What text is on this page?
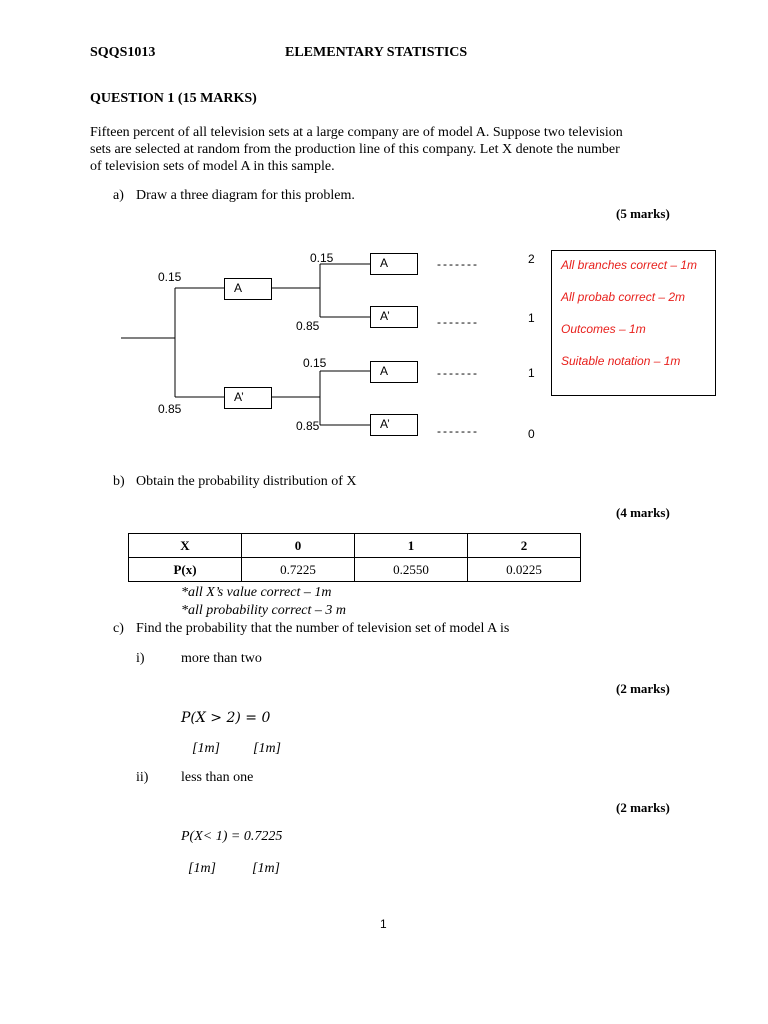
SQQS1013	ELEMENTARY STATISTICS
QUESTION 1 (15 MARKS)
Fifteen percent of all television sets at a large company are of model A. Suppose two television
sets are selected at random from the production line of this company. Let X denote the number
of television sets of model A in this sample.
a) Draw a three diagram for this problem.
(5 marks)
0.15
0.85
0.15
0.85
0.15
0.85
A
A’
A
A’
A
A’
-------
-------
-------
-------
2
1
1
0
All branches correct – 1m
All probab correct – 2m
Outcomes – 1m
Suitable notation – 1m
b) Obtain the probability distribution of X
(4 marks)
X	0	1	2
P(x)	0.7225	0.2550	0.0225
*all X’s value correct – 1m
*all probability correct – 3 m
c) Find the probability that the number of television set of model A is
i)	more than two
(2 marks)
P(X > 2) = 0
[1m] [1m]
ii) less than one
(2 marks)
P(X< 1) = 0.7225
[1m]	[1m]
1
